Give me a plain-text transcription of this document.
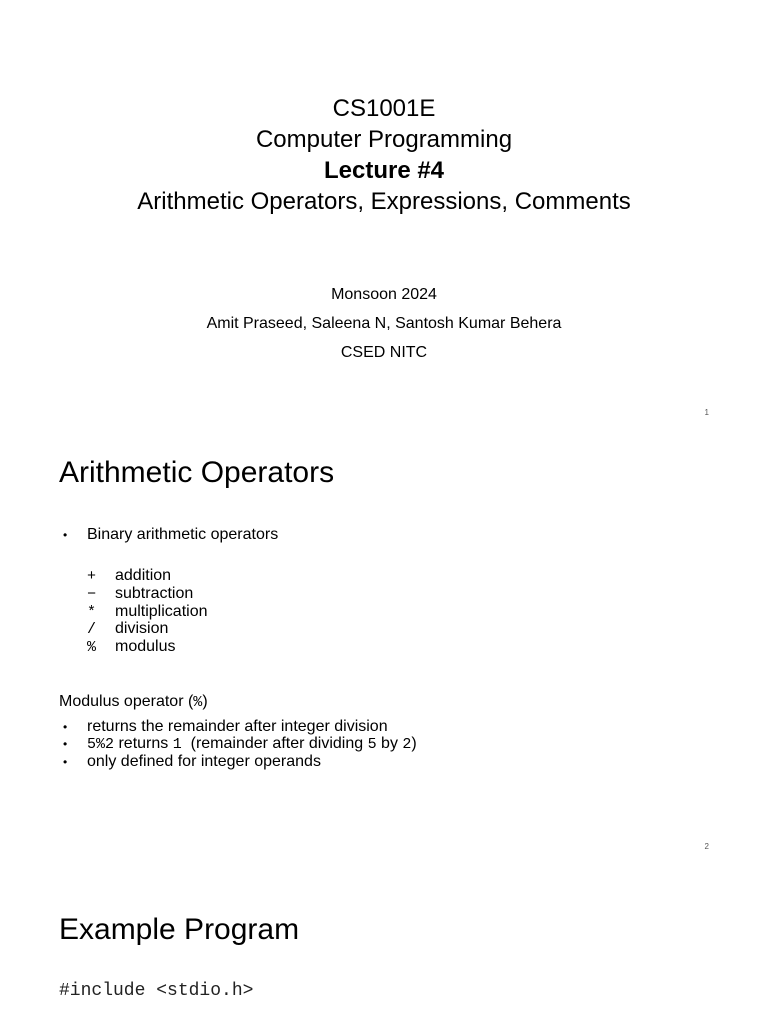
CS1001E
Computer Programming
Lecture #4
Arithmetic Operators, Expressions, Comments
Monsoon 2024
Amit Praseed, Saleena N, Santosh Kumar Behera
CSED NITC
1
Arithmetic Operators
• Binary arithmetic operators
+	addition
−	subtraction
*	multiplication
/	division
%	modulus
Modulus operator (%)
•	returns the remainder after integer division
•	5%2 returns 1  (remainder after dividing 5 by 2)
•	only defined for integer operands
2
Example Program
#include <stdio.h>
